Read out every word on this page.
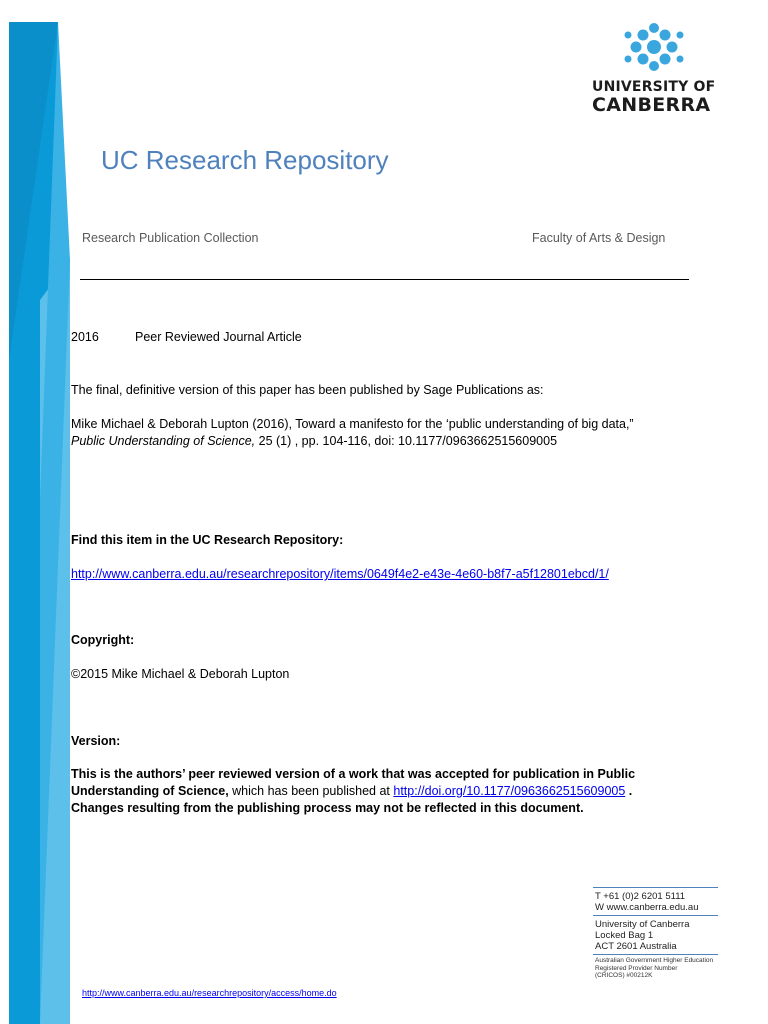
UNIVERSITY OF
CANBERRA
UC Research Repository
Research Publication Collection	Faculty of Arts & Design
2016	Peer Reviewed Journal Article
The final, definitive version of this paper has been published by Sage Publications as:
Mike Michael & Deborah Lupton (2016), Toward a manifesto for the ‘public understanding of big data,”
Public Understanding of Science, 25 (1) , pp. 104-116, doi: 10.1177/0963662515609005
Find this item in the UC Research Repository:
http://www.canberra.edu.au/researchrepository/items/0649f4e2-e43e-4e60-b8f7-a5f12801ebcd/1/
Copyright:
©2015 Mike Michael & Deborah Lupton
Version:
This is the authors’ peer reviewed version of a work that was accepted for publication in Public
Understanding of Science, which has been published at http://doi.org/10.1177/0963662515609005 .
Changes resulting from the publishing process may not be reflected in this document.
T +61 (0)2 6201 5111
W www.canberra.edu.au
University of Canberra
Locked Bag 1
ACT 2601 Australia
Australian Government Higher Education
Registered Provider Number
(CRICOS) #00212K
http://www.canberra.edu.au/researchrepository/access/home.do
